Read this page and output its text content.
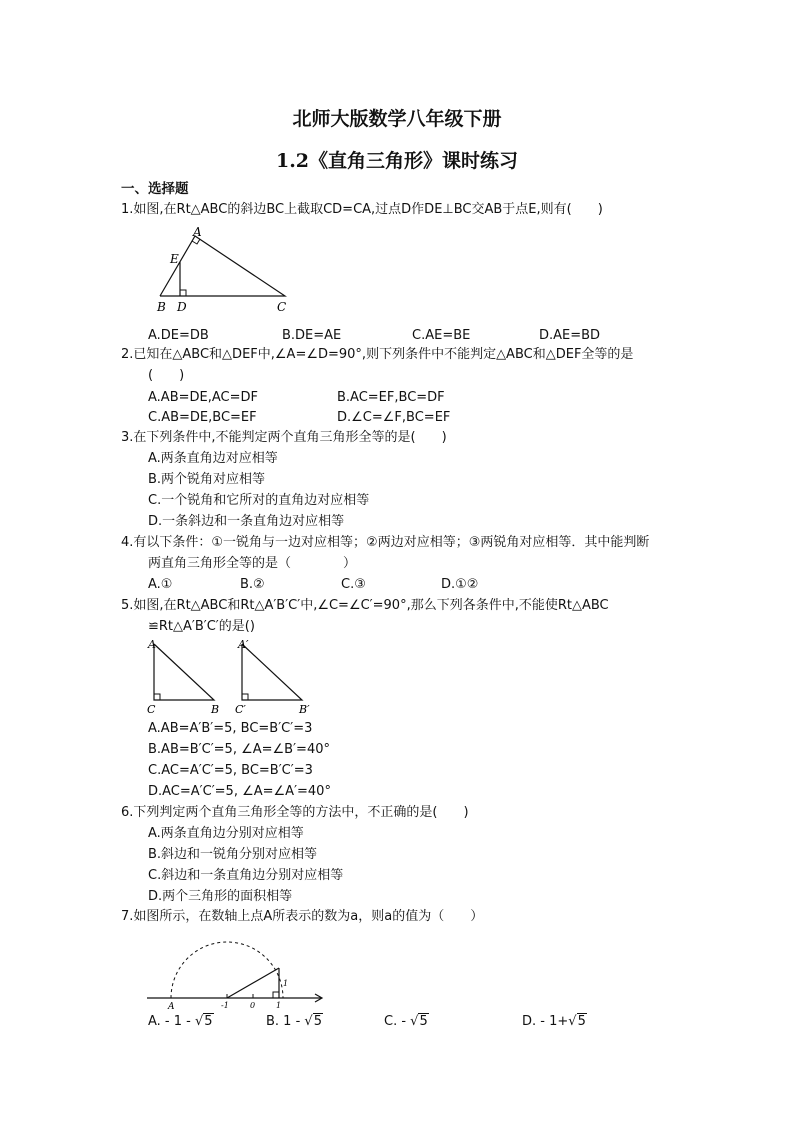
北师大版数学八年级下册
1.2《直角三角形》课时练习
一、选择题
1.如图,在Rt△ABC的斜边BC上截取CD=CA,过点D作DE⊥BC交AB于点E,则有(　　)
A
E
B D	C
A.DE=DB	B.DE=AE	C.AE=BE	D.AE=BD
2.已知在△ABC和△DEF中,∠A=∠D=90°,则下列条件中不能判定△ABC和△DEF全等的是
(　　)
A.AB=DE,AC=DF	B.AC=EF,BC=DF
C.AB=DE,BC=EF	D.∠C=∠F,BC=EF
3.在下列条件中,不能判定两个直角三角形全等的是(　　)
A.两条直角边对应相等
B.两个锐角对应相等
C.一个锐角和它所对的直角边对应相等
D.一条斜边和一条直角边对应相等
4.有以下条件：①一锐角与一边对应相等；②两边对应相等；③两锐角对应相等．其中能判断
两直角三角形全等的是（　　　　）
A.①	B.②	C.③	D.①②
5.如图,在Rt△ABC和Rt△A′B′C′中,∠C=∠C′=90°,那么下列各条件中,不能使Rt△ABC
≌Rt△A′B′C′的是()
A
C	B
A′
C′	B′
A.AB=A′B′=5, BC=B′C′=3
B.AB=B′C′=5, ∠A=∠B′=40°
C.AC=A′C′=5, BC=B′C′=3
D.AC=A′C′=5, ∠A=∠A′=40°
6.下列判定两个直角三角形全等的方法中，不正确的是(　　)
A.两条直角边分别对应相等
B.斜边和一锐角分别对应相等
C.斜边和一条直角边分别对应相等
D.两个三角形的面积相等
7.如图所示，在数轴上点A所表示的数为a，则a的值为（　　）
A	-1	0	1
1
A. - 1 - √5	B. 1 - √5	C. - √5	D. - 1+√5
